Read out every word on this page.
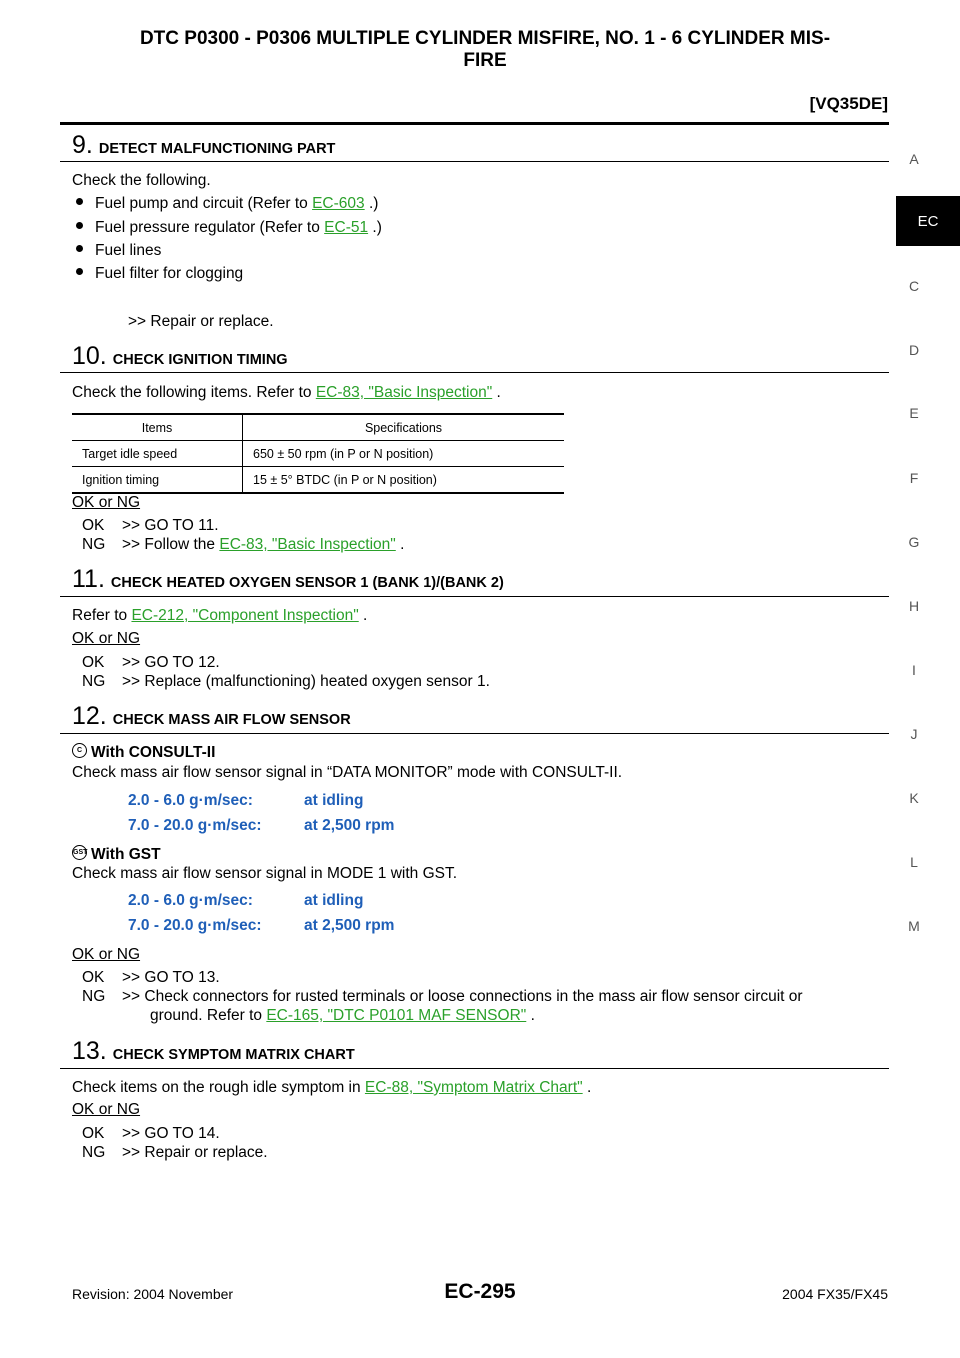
DTC P0300 - P0306 MULTIPLE CYLINDER MISFIRE, NO. 1 - 6 CYLINDER MIS-
FIRE
[VQ35DE]
A
EC
C
D
E
F
G
H
I
J
K
L
M
9. DETECT MALFUNCTIONING PART
Check the following.
Fuel pump and circuit (Refer to EC-603 .)
Fuel pressure regulator (Refer to EC-51 .)
Fuel lines
Fuel filter for clogging
>> Repair or replace.
10. CHECK IGNITION TIMING
Check the following items. Refer to EC-83, "Basic Inspection" .
Items	Specifications
Target idle speed	650 ± 50 rpm (in P or N position)
Ignition timing	15 ± 5° BTDC (in P or N position)
OK or NG
OK >> GO TO 11.
NG >> Follow the EC-83, "Basic Inspection" .
11. CHECK HEATED OXYGEN SENSOR 1 (BANK 1)/(BANK 2)
Refer to EC-212, "Component Inspection" .
OK or NG
OK >> GO TO 12.
NG >> Replace (malfunctioning) heated oxygen sensor 1.
12. CHECK MASS AIR FLOW SENSOR
C With CONSULT-II
Check mass air flow sensor signal in “DATA MONITOR” mode with CONSULT-II.
2.0 - 6.0 g·m/sec:	at idling
7.0 - 20.0 g·m/sec:	at 2,500 rpm
GST With GST
Check mass air flow sensor signal in MODE 1 with GST.
2.0 - 6.0 g·m/sec:	at idling
7.0 - 20.0 g·m/sec:	at 2,500 rpm
OK or NG
OK >> GO TO 13.
NG >> Check connectors for rusted terminals or loose connections in the mass air flow sensor circuit or
ground. Refer to EC-165, "DTC P0101 MAF SENSOR" .
13. CHECK SYMPTOM MATRIX CHART
Check items on the rough idle symptom in EC-88, "Symptom Matrix Chart" .
OK or NG
OK >> GO TO 14.
NG >> Repair or replace.
Revision: 2004 November	EC-295	2004 FX35/FX45
